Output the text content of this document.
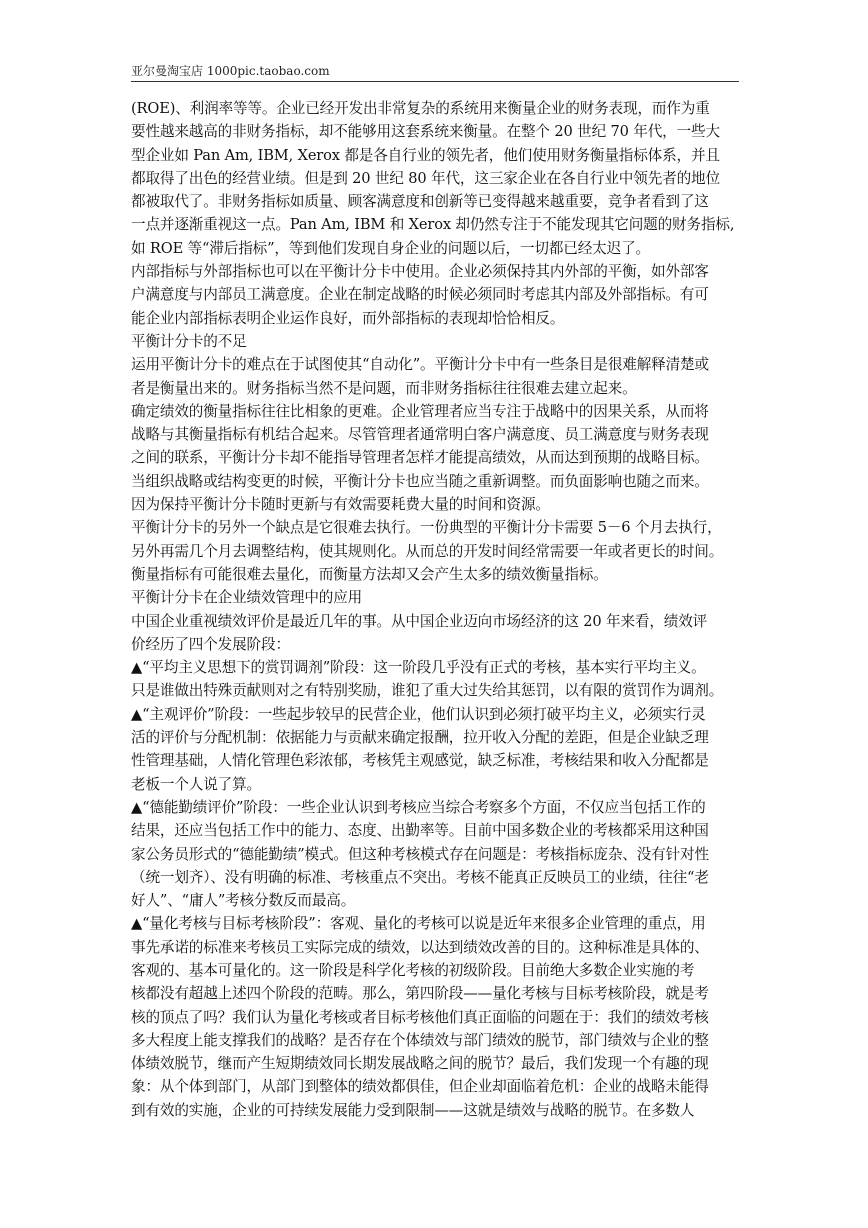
亚尔曼淘宝店 1000pic.taobao.com
(ROE)、利润率等等。企业已经开发出非常复杂的系统用来衡量企业的财务表现，而作为重
要性越来越高的非财务指标，却不能够用这套系统来衡量。在整个 20 世纪 70 年代，一些大
型企业如 Pan Am, IBM, Xerox 都是各自行业的领先者，他们使用财务衡量指标体系，并且
都取得了出色的经营业绩。但是到 20 世纪 80 年代，这三家企业在各自行业中领先者的地位
都被取代了。非财务指标如质量、顾客满意度和创新等已变得越来越重要，竞争者看到了这
一点并逐渐重视这一点。Pan Am, IBM 和 Xerox 却仍然专注于不能发现其它问题的财务指标,
如 ROE 等“滞后指标”，等到他们发现自身企业的问题以后，一切都已经太迟了。
内部指标与外部指标也可以在平衡计分卡中使用。企业必须保持其内外部的平衡，如外部客
户满意度与内部员工满意度。企业在制定战略的时候必须同时考虑其内部及外部指标。有可
能企业内部指标表明企业运作良好，而外部指标的表现却恰恰相反。
平衡计分卡的不足
运用平衡计分卡的难点在于试图使其“自动化”。平衡计分卡中有一些条目是很难解释清楚或
者是衡量出来的。财务指标当然不是问题，而非财务指标往往很难去建立起来。
确定绩效的衡量指标往往比相象的更难。企业管理者应当专注于战略中的因果关系，从而将
战略与其衡量指标有机结合起来。尽管管理者通常明白客户满意度、员工满意度与财务表现
之间的联系，平衡计分卡却不能指导管理者怎样才能提高绩效，从而达到预期的战略目标。
当组织战略或结构变更的时候，平衡计分卡也应当随之重新调整。而负面影响也随之而来。
因为保持平衡计分卡随时更新与有效需要耗费大量的时间和资源。
平衡计分卡的另外一个缺点是它很难去执行。一份典型的平衡计分卡需要 5－6 个月去执行，
另外再需几个月去调整结构，使其规则化。从而总的开发时间经常需要一年或者更长的时间。
衡量指标有可能很难去量化，而衡量方法却又会产生太多的绩效衡量指标。
平衡计分卡在企业绩效管理中的应用
中国企业重视绩效评价是最近几年的事。从中国企业迈向市场经济的这 20 年来看，绩效评
价经历了四个发展阶段：
▲“平均主义思想下的赏罚调剂”阶段：这一阶段几乎没有正式的考核，基本实行平均主义。
只是谁做出特殊贡献则对之有特别奖励，谁犯了重大过失给其惩罚，以有限的赏罚作为调剂。
▲“主观评价”阶段：一些起步较早的民营企业，他们认识到必须打破平均主义，必须实行灵
活的评价与分配机制：依据能力与贡献来确定报酬，拉开收入分配的差距，但是企业缺乏理
性管理基础，人情化管理色彩浓郁，考核凭主观感觉，缺乏标准，考核结果和收入分配都是
老板一个人说了算。
▲“德能勤绩评价”阶段：一些企业认识到考核应当综合考察多个方面，不仅应当包括工作的
结果，还应当包括工作中的能力、态度、出勤率等。目前中国多数企业的考核都采用这种国
家公务员形式的“德能勤绩”模式。但这种考核模式存在问题是：考核指标庞杂、没有针对性
（统一划齐）、没有明确的标准、考核重点不突出。考核不能真正反映员工的业绩，往往“老
好人”、“庸人”考核分数反而最高。
▲“量化考核与目标考核阶段”：客观、量化的考核可以说是近年来很多企业管理的重点，用
事先承诺的标准来考核员工实际完成的绩效，以达到绩效改善的目的。这种标准是具体的、
客观的、基本可量化的。这一阶段是科学化考核的初级阶段。目前绝大多数企业实施的考
核都没有超越上述四个阶段的范畴。那么，第四阶段——量化考核与目标考核阶段，就是考
核的顶点了吗？我们认为量化考核或者目标考核他们真正面临的问题在于：我们的绩效考核
多大程度上能支撑我们的战略？是否存在个体绩效与部门绩效的脱节，部门绩效与企业的整
体绩效脱节，继而产生短期绩效同长期发展战略之间的脱节？最后，我们发现一个有趣的现
象：从个体到部门，从部门到整体的绩效都俱佳，但企业却面临着危机：企业的战略未能得
到有效的实施，企业的可持续发展能力受到限制——这就是绩效与战略的脱节。在多数人
